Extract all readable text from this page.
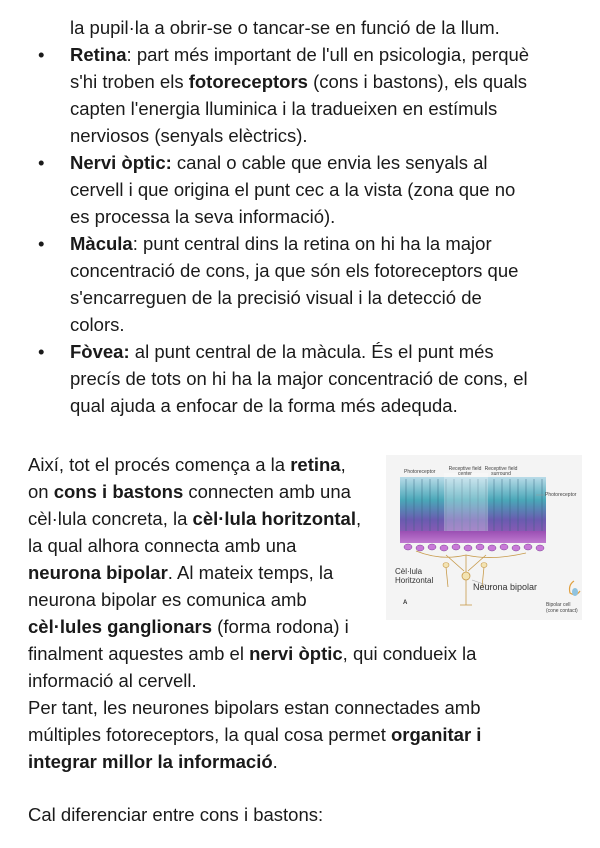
la pupil·la a obrir-se o tancar-se en funció de la llum.
•	Retina: part més important de l'ull en psicologia, perquè
s'hi troben els fotoreceptors (cons i bastons), els quals
capten l'energia lluminica i la tradueixen en estímuls
nerviosos (senyals elèctrics).
•	Nervi òptic: canal o cable que envia les senyals al
cervell i que origina el punt cec a la vista (zona que no
es processa la seva informació).
•	Màcula: punt central dins la retina on hi ha la major
concentració de cons, ja que són els fotoreceptors que
s'encarreguen de la precisió visual i la detecció de
colors.
•	Fòvea: al punt central de la màcula. És el punt més
precís de tots on hi ha la major concentració de cons, el
qual ajuda a enfocar de la forma més adequda.
Així, tot el procés comença a la retina,
on cons i bastons connecten amb una
cèl·lula concreta, la cèl·lula horitzontal,
la qual alhora connecta amb una
neurona bipolar. Al mateix temps, la
neurona bipolar es comunica amb
cèl·lules ganglionars (forma rodona) i
finalment aquestes amb el nervi òptic, qui condueix la
informació al cervell.
Per tant, les neurones bipolars estan connectades amb
múltiples fotoreceptors, la qual cosa permet organitar i
integrar millor la informació.
Cal diferenciar entre cons i bastons:
Photoreceptor	Receptive field center
Receptive field surround
Photoreceptor
Cèl·lula
Horitzontal
Neurona bipolar
A	Bipolar cell
(cone contact)
